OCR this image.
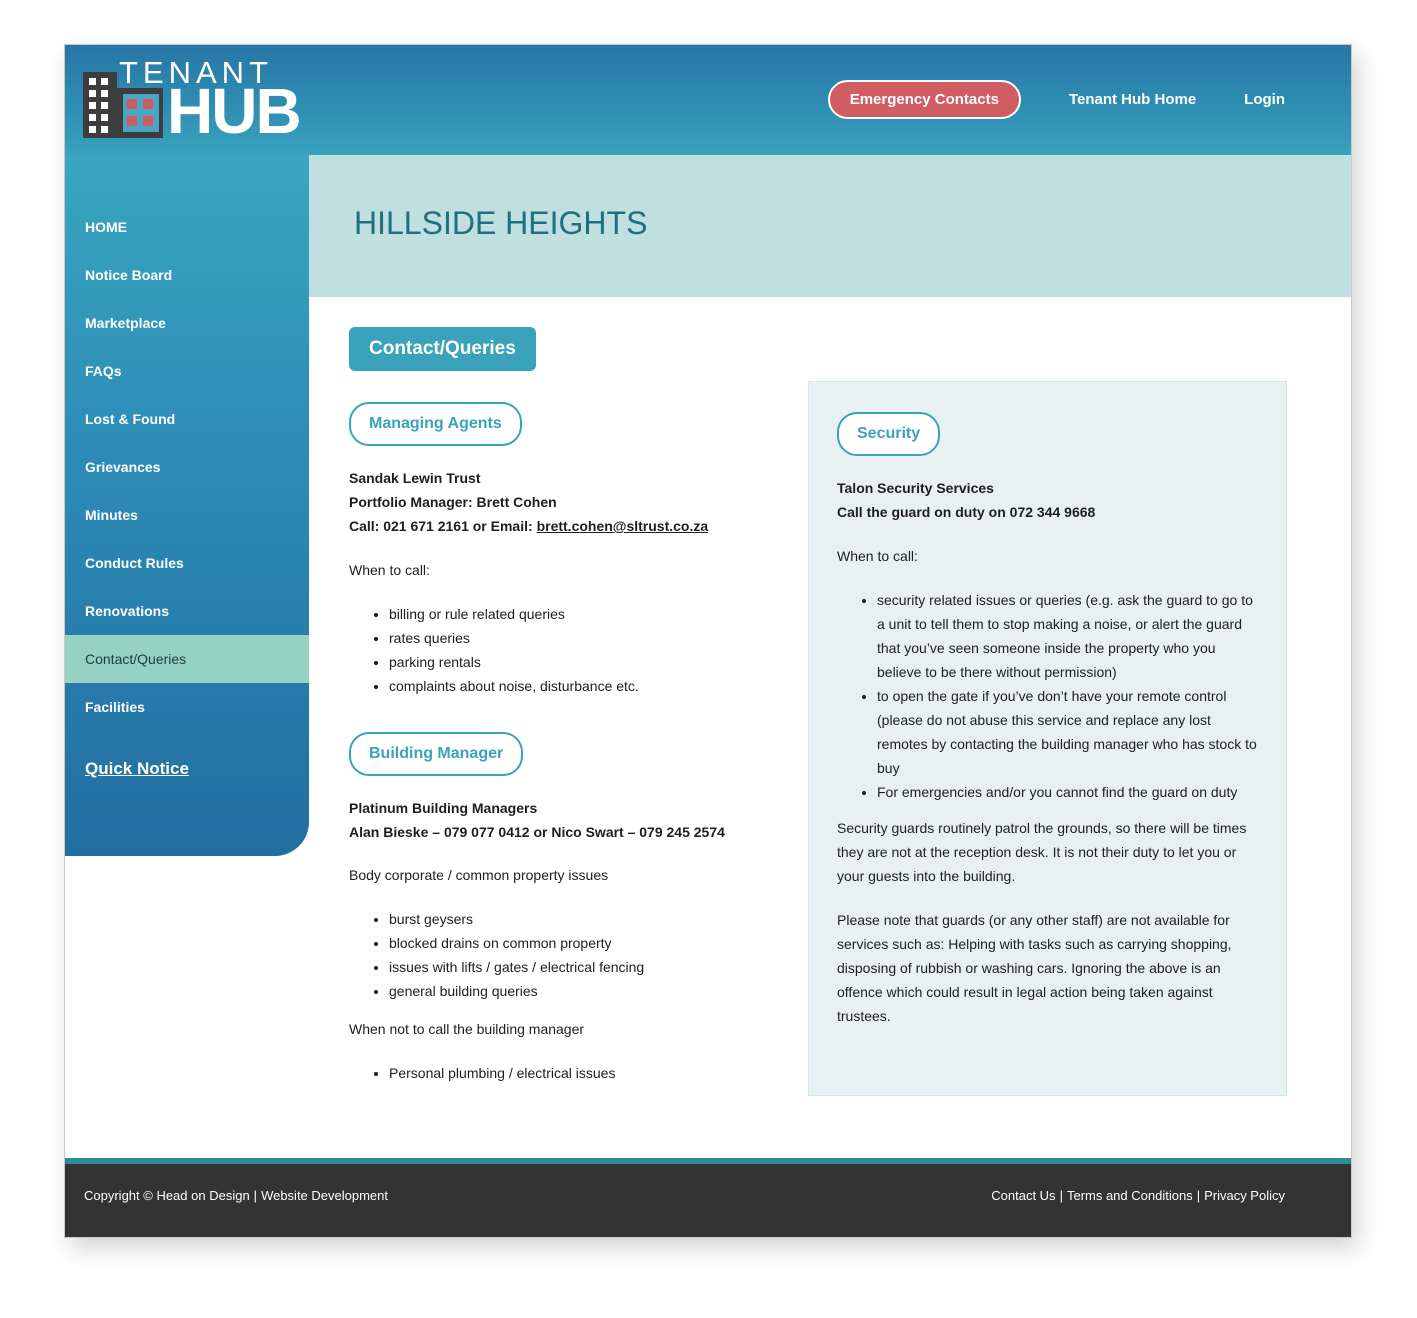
TENANT
HUB	Emergency Contacts	Tenant Hub Home	Login
HOME
Notice Board
Marketplace
FAQs
Lost & Found
Grievances
Minutes
Conduct Rules
Renovations
Contact/Queries
Facilities
Quick Notice
HILLSIDE HEIGHTS
Contact/Queries
Managing Agents

Sandak Lewin Trust

Portfolio Manager: Brett Cohen

Call: 021 671 2161 or Email: brett.cohen@sltrust.co.za

When to call:

• billing or rule related queries
• rates queries
• parking rentals
• complaints about noise, disturbance etc.
Building Manager

Platinum Building Managers

Alan Bieske – 079 077 0412 or Nico Swart – 079 245 2574

Body corporate / common property issues

• burst geysers
• blocked drains on common property
• issues with lifts / gates / electrical fencing
• general building queries

When not to call the building manager

• Personal plumbing / electrical issues
Security

Talon Security Services

Call the guard on duty on 072 344 9668

When to call:

• security related issues or queries (e.g. ask the guard to go to a unit to tell them to stop making a noise, or alert the guard that you’ve seen someone inside the property who you believe to be there without permission)
• to open the gate if you’ve don’t have your remote control (please do not abuse this service and replace any lost remotes by contacting the building manager who has stock to buy
• For emergencies and/or you cannot find the guard on duty

Security guards routinely patrol the grounds, so there will be times they are not at the reception desk. It is not their duty to let you or your guests into the building.

Please note that guards (or any other staff) are not available for services such as: Helping with tasks such as carrying shopping, disposing of rubbish or washing cars. Ignoring the above is an offence which could result in legal action being taken against trustees.

Copyright © Head on Design | Website Development	Contact Us | Terms and Conditions | Privacy Policy
